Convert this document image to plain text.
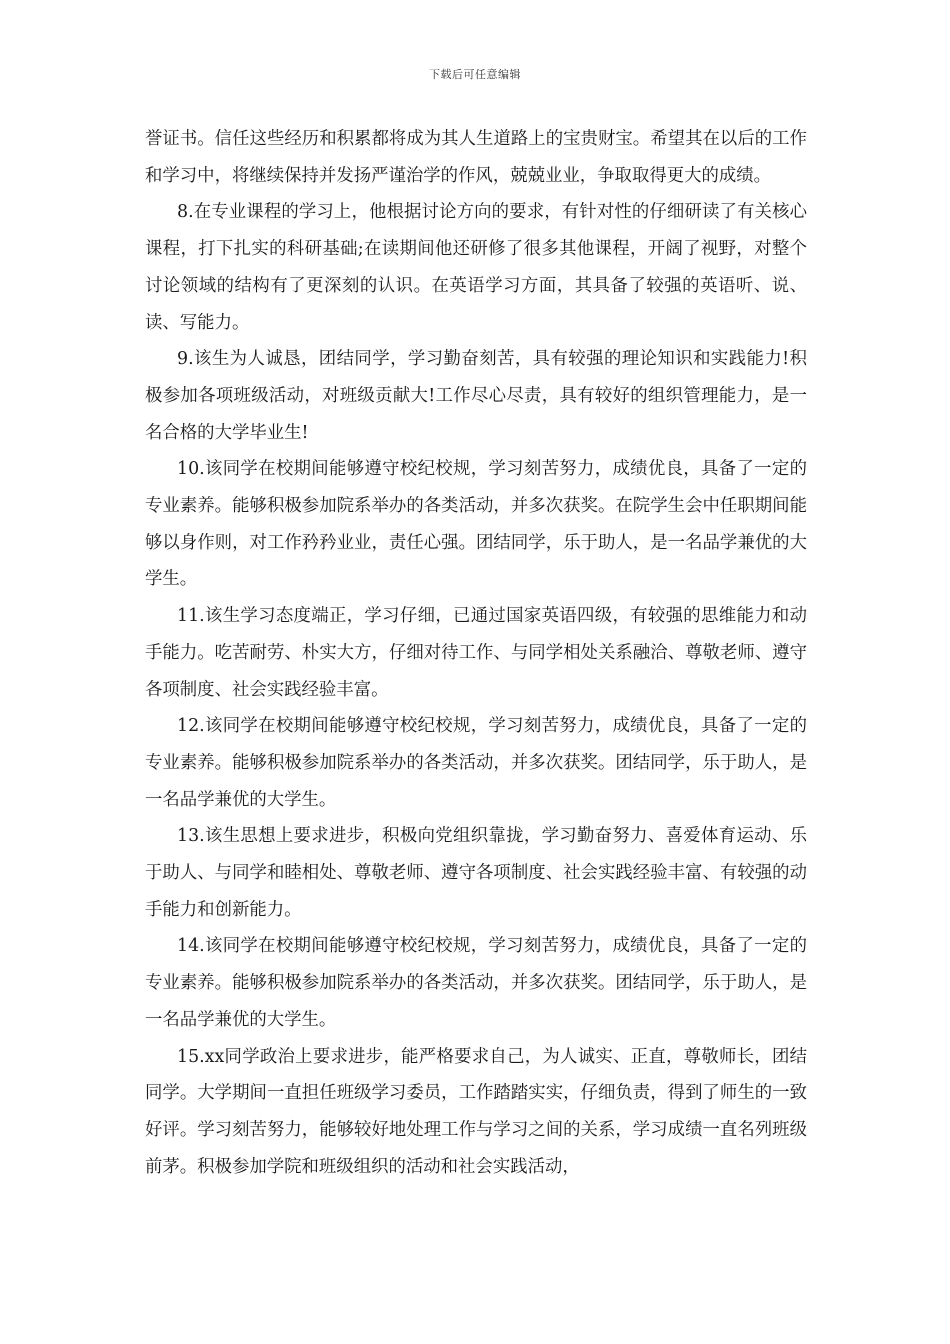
下载后可任意编辑

誉证书。信任这些经历和积累都将成为其人生道路上的宝贵财宝。希望其在以后的工作和学习中，将继续保持并发扬严谨治学的作风，兢兢业业，争取取得更大的成绩。

8.在专业课程的学习上，他根据讨论方向的要求，有针对性的仔细研读了有关核心课程，打下扎实的科研基础;在读期间他还研修了很多其他课程，开阔了视野，对整个讨论领域的结构有了更深刻的认识。在英语学习方面，其具备了较强的英语听、说、读、写能力。

9.该生为人诚恳，团结同学，学习勤奋刻苦，具有较强的理论知识和实践能力!积极参加各项班级活动，对班级贡献大!工作尽心尽责，具有较好的组织管理能力，是一名合格的大学毕业生!

10.该同学在校期间能够遵守校纪校规，学习刻苦努力，成绩优良，具备了一定的专业素养。能够积极参加院系举办的各类活动，并多次获奖。在院学生会中任职期间能够以身作则，对工作矜矜业业，责任心强。团结同学，乐于助人，是一名品学兼优的大学生。

11.该生学习态度端正，学习仔细，已通过国家英语四级，有较强的思维能力和动手能力。吃苦耐劳、朴实大方，仔细对待工作、与同学相处关系融洽、尊敬老师、遵守各项制度、社会实践经验丰富。

12.该同学在校期间能够遵守校纪校规，学习刻苦努力，成绩优良，具备了一定的专业素养。能够积极参加院系举办的各类活动，并多次获奖。团结同学，乐于助人，是一名品学兼优的大学生。

13.该生思想上要求进步，积极向党组织靠拢，学习勤奋努力、喜爱体育运动、乐于助人、与同学和睦相处、尊敬老师、遵守各项制度、社会实践经验丰富、有较强的动手能力和创新能力。

14.该同学在校期间能够遵守校纪校规，学习刻苦努力，成绩优良，具备了一定的专业素养。能够积极参加院系举办的各类活动，并多次获奖。团结同学，乐于助人，是一名品学兼优的大学生。

15.xx同学政治上要求进步，能严格要求自己，为人诚实、正直，尊敬师长，团结同学。大学期间一直担任班级学习委员，工作踏踏实实，仔细负责，得到了师生的一致好评。学习刻苦努力，能够较好地处理工作与学习之间的关系，学习成绩一直名列班级前茅。积极参加学院和班级组织的活动和社会实践活动，
